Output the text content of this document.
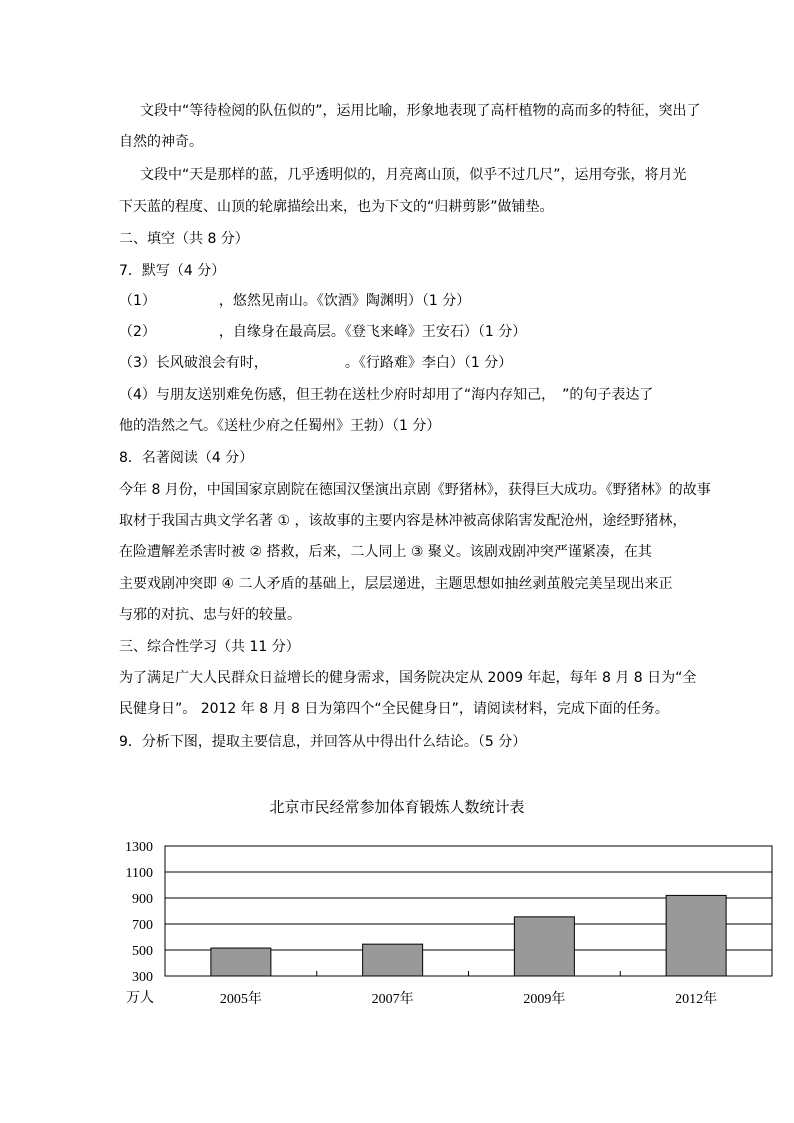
文段中“等待检阅的队伍似的”，运用比喻，形象地表现了高杆植物的高而多的特征，突出了
自然的神奇。
文段中“天是那样的蓝，几乎透明似的，月亮离山顶，似乎不过几尺”，运用夸张，将月光
下天蓝的程度、山顶的轮廓描绘出来，也为下文的“归耕剪影”做铺垫。
二、填空（共 8 分）
7．默写（4 分）
（1）　　　　　，悠然见南山。《饮酒》陶渊明）（1 分）
（2）　　　　　，自缘身在最高层。《登飞来峰》王安石）（1 分）
（3）长风破浪会有时，　　　　　　。《行路难》李白）（1 分）
（4）与朋友送别难免伤感，但王勃在送杜少府时却用了“海内存知己，　”的句子表达了
他的浩然之气。《送杜少府之任蜀州》王勃）（1 分）
8．名著阅读（4 分）
今年 8 月份，中国国家京剧院在德国汉堡演出京剧《野猪林》，获得巨大成功。《野猪林》的故事
取材于我国古典文学名著 ① ，该故事的主要内容是林冲被高俅陷害发配沧州，途经野猪林，
在险遭解差杀害时被 ② 搭救，后来，二人同上 ③ 聚义。该剧戏剧冲突严谨紧凑，在其
主要戏剧冲突即 ④ 二人矛盾的基础上，层层递进，主题思想如抽丝剥茧般完美呈现出来正
与邪的对抗、忠与奸的较量。
三、综合性学习（共 11 分）
为了满足广大人民群众日益增长的健身需求，国务院决定从 2009 年起，每年 8 月 8 日为“全
民健身日”。 2012 年 8 月 8 日为第四个“全民健身日”，请阅读材料，完成下面的任务。
9．分析下图，提取主要信息，并回答从中得出什么结论。（5 分）
北京市民经常参加体育锻炼人数统计表
万人
300
500
700
900
1100
1300
2005年	2007年	2009年	2012年
